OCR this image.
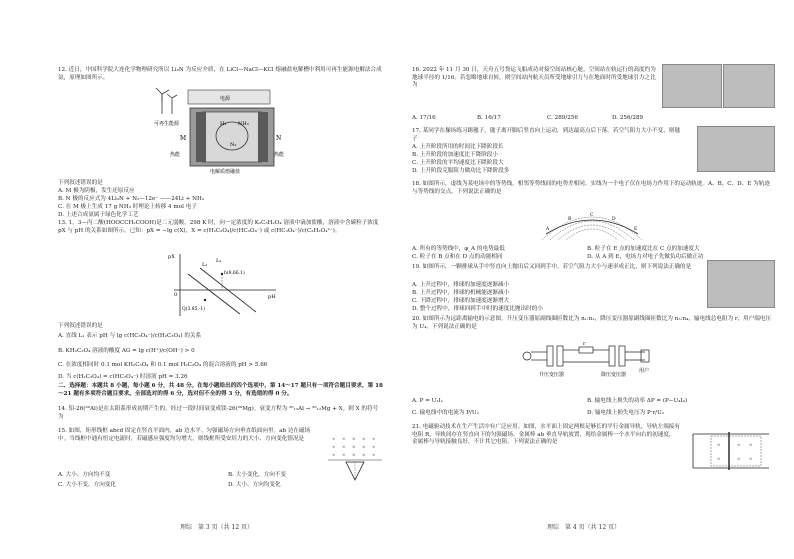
12. 近日，中国科学院大连化学物理研究所以 Li₃N 为反应介质，在 LiCl—NaCl—KCl 熔融盐电解槽中利用可再生能源电解法合成氨，原理如图所示。

可再生能源
电源
H₂ NH₃
N₂
M	N
热能	热能
电解质熔融盐

下列叙述错误的是

A. M 极为阴极，发生还原反应

B. N 极的反应式为 4Li₃N + N₂—12e⁻ ——24Li + NH₃

C. 在 M 极上生成 17 g NH₃ 时理论上转移 4 mol 电子

D. 上述合成氨属于绿色化学工艺

13. 1，3—丙二酸(HOOCCH₂COOH)是二元弱酸。298 K 时，向一定浓度的 K₂C₃H₂O₄ 溶液中滴加盐酸，溶液中含碳粒子浓度 pX 与 pH 的关系如图所示。已知：pX = −lg c(X)，X = c(H₂C₃O₄)/c(HC₃O₄⁻) 或 c(HC₃O₄⁻)/c(C₃H₂O₄²⁻)。

pX
pH
0
L₁
L₂
b(8,66.1)
Q(3.85,-1)

下列叙述错误的是

A. 直线 L₁ 表示 pH 与 lg c(HC₃O₄⁻)/c(H₂C₃O₄) 的关系

B. KH₂C₃O₄ 溶液的酸度 AG = lg c(H⁺)/c(OH⁻) > 0

C. 在浓度相同时 0.1 mol KH₂C₃O₄ 和 0.1 mol H₂C₃O₄ 的混合溶液的 pH > 5.66

D. 当 c(H₂C₃O₄) = c(HC₃O₄⁻) 时溶液 pH = 3.26

二、选择题：本题共 8 小题，每小题 6 分，共 48 分。在每小题给出的四个选项中，第 14～17 题只有一项符合题目要求，第 18～21 题有多项符合题目要求。全部选对的得 6 分，选对但不全的得 3 分，有选错的得 0 分。

14. 铝-26(²⁶Al)是在太阳系形成初期产生的，经过一段时间衰变成镁-26(²⁶Mg)。衰变方程为 ²⁶₁₃Al → ²⁶₁₂Mg + X。则 X 的符号为

15. 如图，矩形线框 abcd 固定在竖直平面内，ab 边水平。匀强磁场方向垂直纸面向里。ab 边在磁场中。当线框中通有恒定电流时，若磁感应强度均匀增大，则线框所受安培力的大小、方向变化情况是	× × × × ×
× × × × ×
× × × × ×

A. 大小、方向均不变	B. 大小变化，方向不变

C. 大小不变，方向变化	D. 大小、方向均变化

理综　第 3 页（共 12 页）

16. 2022 年 11 月 30 日，天舟五号货运飞船成功对接空间站核心舱，空间站在轨运行的高度约为地球半径的 1/16。若忽略地球自转，则空间站内航天员所受地球引力与在地面时所受地球引力之比为

A. 17/16	B. 16/17	C. 289/256	D. 256/289

17. 某同学在操场练习踢毽子，毽子离开脚后竖直向上运动，到达最高点后下落。若空气阻力大小不变，则毽子

A. 上升阶段所用的时间比下降阶段长

B. 上升阶段的加速度比下降阶段小

C. 上升阶段的平均速度比下降阶段大

D. 上升阶段克服阻力做功比下降阶段多

18. 如图所示，虚线为某电场中的等势线，相邻等势线间的电势差相同。实线为一个电子仅在电场力作用下的运动轨迹。A、B、C、D、E 为轨迹与等势线的交点，下列说法正确的是

A
B
C
D
E

A. 所有的等势线中，φ_A 的电势最低	B. 粒子在 E 点的加速度比在 C 点的加速度大

C. 粒子在 B 点和在 D 点的动能相同	D. 从 A 到 E，电场力对电子先做负功后做正功

19. 如图所示，一颗排球从手中竖直向上抛出后又回到手中。若空气阻力大小与速率成正比，则下列说法正确的是

A. 上升过程中，排球的加速度逐渐减小

B. 上升过程中，排球的机械能逐渐减小

C. 下降过程中，排球的加速度逐渐增大

D. 整个过程中，排球回到手中时的速度比抛出时的小

20. 如图所示为远距离输电的示意图。升压变压器原副线圈匝数比为 n₁:n₂，降压变压器原副线圈匝数比为 n₃:n₄，输电线总电阻为 r，用户端电压为 U₄，下列说法正确的是

r
升压变压器	降压变压器
用户

A. P = U₁I₁	B. 输电线上损失的功率 ΔP = (P−U₄I₄)

C. 输电线中的电流为 P/U₂	D. 输电线上损失电压为 P·r/U₂

21. 电磁驱动技术在生产生活中有广泛应用。如图，水平面上固定两根足够长的平行金属导轨，导轨左端接有电阻 R，导轨间存在竖直向下的匀强磁场。金属棒 ab 垂直导轨放置，现给金属棒一个水平向右的初速度，金属棒与导轨接触良好，不计其它电阻。下列说法正确的是	×	× ×
×	× ×
理综　第 4 页（共 12 页）
